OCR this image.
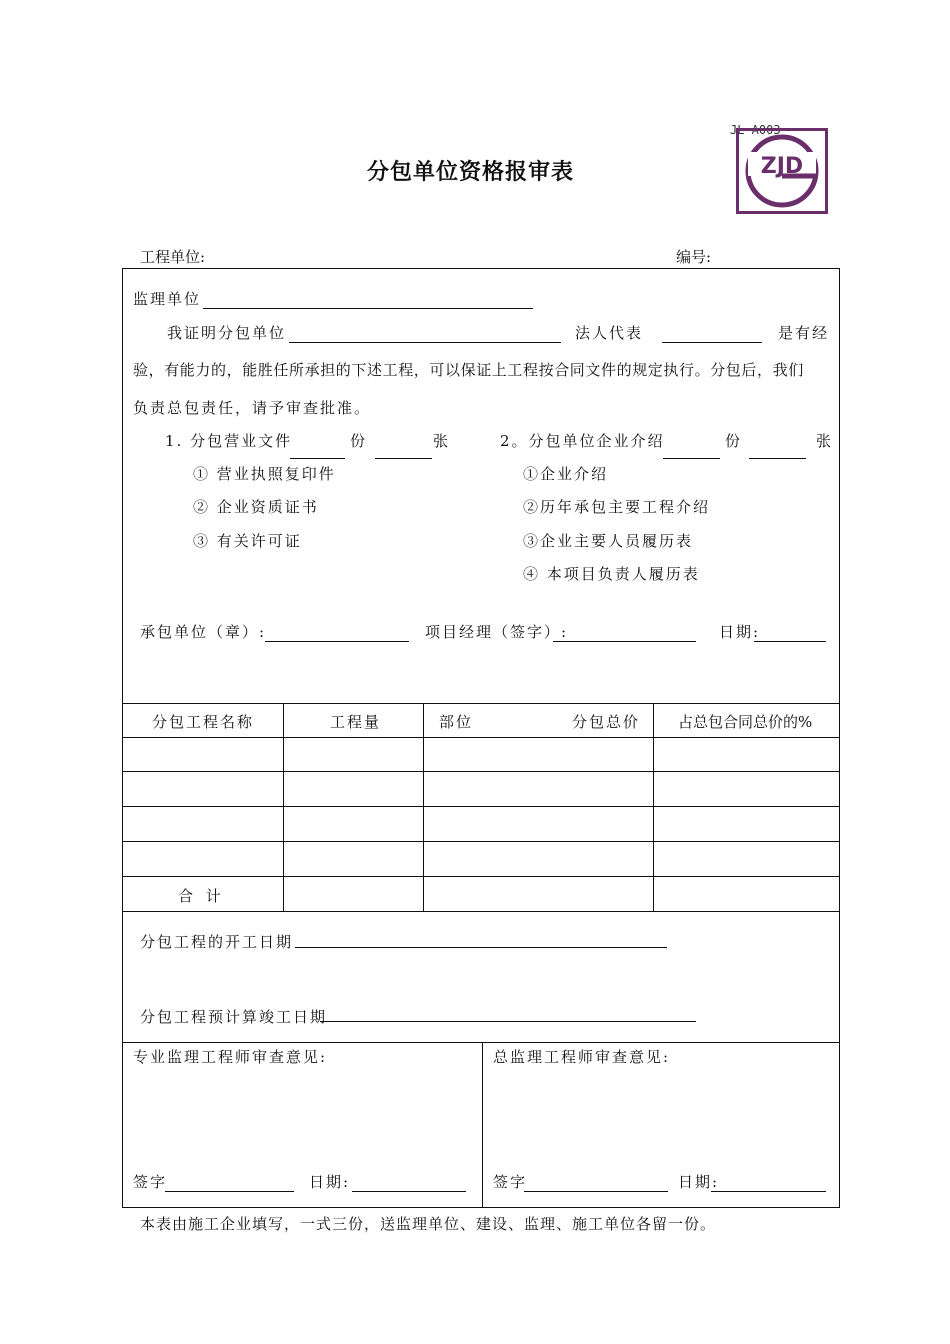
JL-A003
ZJD
分包单位资格报审表
工程单位:	编号:
监理单位
我证明分包单位	法人代表	是有经
验，有能力的，能胜任所承担的下述工程，可以保证上工程按合同文件的规定执行。分包后，我们
负责总包责任，请予审查批准。
1. 分包营业文件	份	张	2。分包单位企业介绍	份	张
① 营业执照复印件
② 企业资质证书
③ 有关许可证
①企业介绍
②历年承包主要工程介绍
③企业主要人员履历表
④ 本项目负责人履历表
承包单位（章）:	项目经理（签字）:	日期:
分包工程名称	工程量	部位	分包总价	占总包合同总价的%
合 计
分包工程的开工日期
分包工程预计算竣工日期
专业监理工程师审查意见:	总监理工程师审查意见:
签字	日期:	签字	日期:
本表由施工企业填写，一式三份，送监理单位、建设、监理、施工单位各留一份。
